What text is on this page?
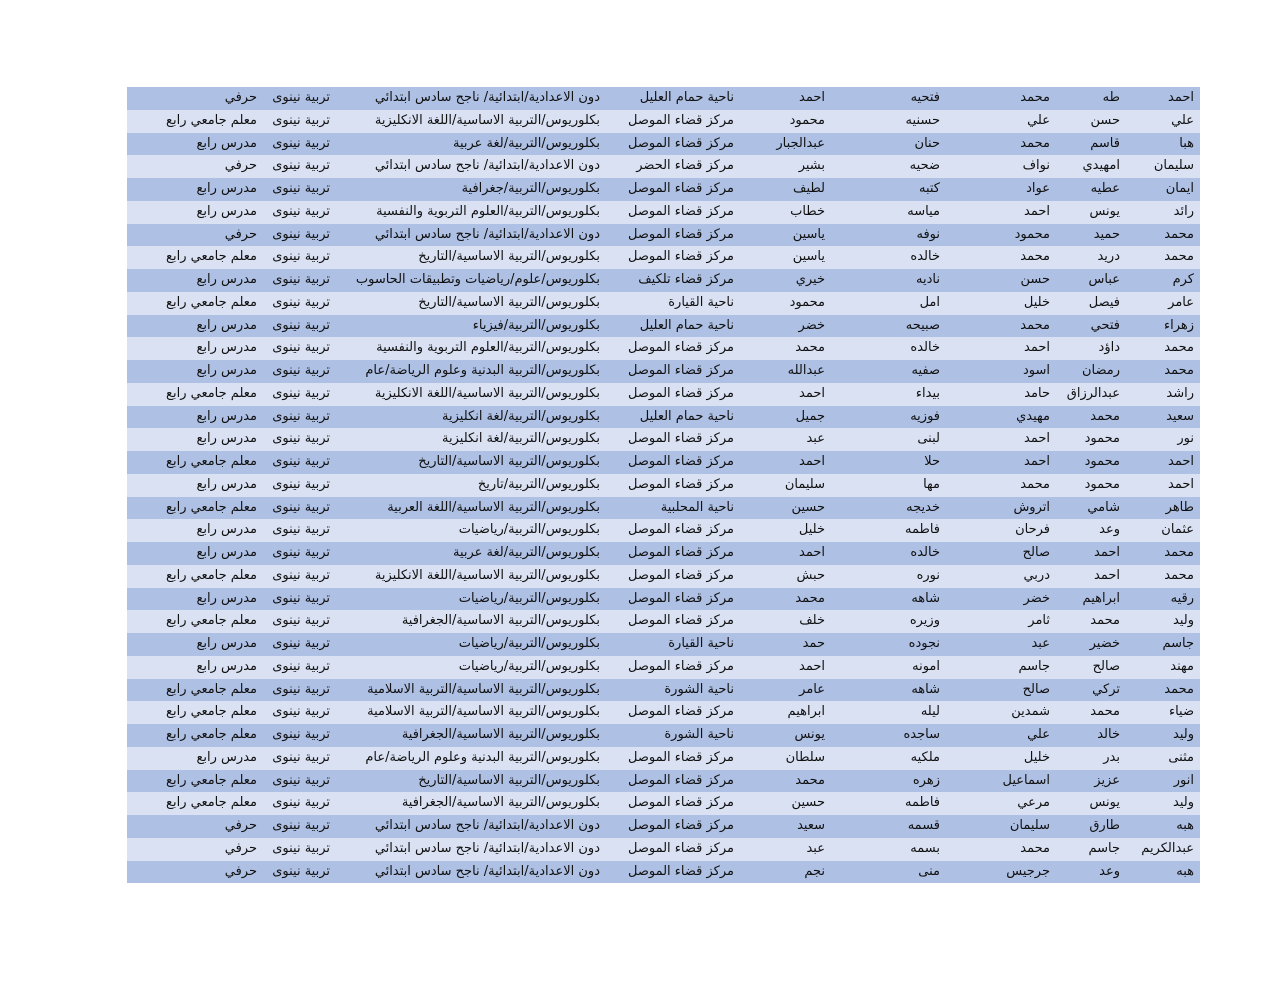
احمد
طه
محمد
فتحيه
احمد
ناحية حمام العليل
دون الاعدادية/ابتدائية/ ناجح سادس ابتدائي
تربية نينوى
حرفي
علي
حسن
علي
حسنيه
محمود
مركز قضاء الموصل
بكلوريوس/التربية الاساسية/اللغة الانكليزية
تربية نينوى
معلم جامعي رابع
هبا
قاسم
محمد
حنان
عبدالجبار
مركز قضاء الموصل
بكلوريوس/التربية/لغة عربية
تربية نينوى
مدرس رابع
سليمان
امهيدي
نواف
ضحيه
بشير
مركز قضاء الحضر
دون الاعدادية/ابتدائية/ ناجح سادس ابتدائي
تربية نينوى
حرفي
ايمان
عطيه
عواد
كتبه
لطيف
مركز قضاء الموصل
بكلوريوس/التربية/جغرافية
تربية نينوى
مدرس رابع
رائد
يونس
احمد
مياسه
خطاب
مركز قضاء الموصل
بكلوريوس/التربية/العلوم التربوية والنفسية
تربية نينوى
مدرس رابع
محمد
حميد
محمود
نوفه
ياسين
مركز قضاء الموصل
دون الاعدادية/ابتدائية/ ناجح سادس ابتدائي
تربية نينوى
حرفي
محمد
دريد
محمد
خالده
ياسين
مركز قضاء الموصل
بكلوريوس/التربية الاساسية/التاريخ
تربية نينوى
معلم جامعي رابع
كرم
عباس
حسن
ناديه
خيري
مركز قضاء تلكيف
بكلوريوس/علوم/رياضيات وتطبيقات الحاسوب
تربية نينوى
مدرس رابع
عامر
فيصل
خليل
امل
محمود
ناحية القيارة
بكلوريوس/التربية الاساسية/التاريخ
تربية نينوى
معلم جامعي رابع
زهراء
فتحي
محمد
صبيحه
خضر
ناحية حمام العليل
بكلوريوس/التربية/فيزياء
تربية نينوى
مدرس رابع
محمد
داؤد
احمد
خالده
محمد
مركز قضاء الموصل
بكلوريوس/التربية/العلوم التربوية والنفسية
تربية نينوى
مدرس رابع
محمد
رمضان
اسود
صفيه
عبدالله
مركز قضاء الموصل
بكلوريوس/التربية البدنية وعلوم الرياضة/عام
تربية نينوى
مدرس رابع
راشد
عبدالرزاق
حامد
بيداء
احمد
مركز قضاء الموصل
بكلوريوس/التربية الاساسية/اللغة الانكليزية
تربية نينوى
معلم جامعي رابع
سعيد
محمد
مهيدي
فوزيه
جميل
ناحية حمام العليل
بكلوريوس/التربية/لغة انكليزية
تربية نينوى
مدرس رابع
نور
محمود
احمد
لبنى
عبد
مركز قضاء الموصل
بكلوريوس/التربية/لغة انكليزية
تربية نينوى
مدرس رابع
احمد
محمود
احمد
حلا
احمد
مركز قضاء الموصل
بكلوريوس/التربية الاساسية/التاريخ
تربية نينوى
معلم جامعي رابع
احمد
محمود
محمد
مها
سليمان
مركز قضاء الموصل
بكلوريوس/التربية/تاريخ
تربية نينوى
مدرس رابع
طاهر
شامي
اتروش
خديجه
حسين
ناحية المحلبية
بكلوريوس/التربية الاساسية/اللغة العربية
تربية نينوى
معلم جامعي رابع
عثمان
وعد
فرحان
فاطمه
خليل
مركز قضاء الموصل
بكلوريوس/التربية/رياضيات
تربية نينوى
مدرس رابع
محمد
احمد
صالح
خالده
احمد
مركز قضاء الموصل
بكلوريوس/التربية/لغة عربية
تربية نينوى
مدرس رابع
محمد
احمد
دربي
نوره
حبش
مركز قضاء الموصل
بكلوريوس/التربية الاساسية/اللغة الانكليزية
تربية نينوى
معلم جامعي رابع
رقيه
ابراهيم
خضر
شاهه
محمد
مركز قضاء الموصل
بكلوريوس/التربية/رياضيات
تربية نينوى
مدرس رابع
وليد
محمد
ثامر
وزيره
خلف
مركز قضاء الموصل
بكلوريوس/التربية الاساسية/الجغرافية
تربية نينوى
معلم جامعي رابع
جاسم
خضير
عبد
نجوده
حمد
ناحية القيارة
بكلوريوس/التربية/رياضيات
تربية نينوى
مدرس رابع
مهند
صالح
جاسم
امونه
احمد
مركز قضاء الموصل
بكلوريوس/التربية/رياضيات
تربية نينوى
مدرس رابع
محمد
تركي
صالح
شاهه
عامر
ناحية الشورة
بكلوريوس/التربية الاساسية/التربية الاسلامية
تربية نينوى
معلم جامعي رابع
ضياء
محمد
شمدين
ليله
ابراهيم
مركز قضاء الموصل
بكلوريوس/التربية الاساسية/التربية الاسلامية
تربية نينوى
معلم جامعي رابع
وليد
خالد
علي
ساجده
يونس
ناحية الشورة
بكلوريوس/التربية الاساسية/الجغرافية
تربية نينوى
معلم جامعي رابع
مثنى
بدر
خليل
ملكيه
سلطان
مركز قضاء الموصل
بكلوريوس/التربية البدنية وعلوم الرياضة/عام
تربية نينوى
مدرس رابع
انور
عزيز
اسماعيل
زهره
محمد
مركز قضاء الموصل
بكلوريوس/التربية الاساسية/التاريخ
تربية نينوى
معلم جامعي رابع
وليد
يونس
مرعي
فاطمه
حسين
مركز قضاء الموصل
بكلوريوس/التربية الاساسية/الجغرافية
تربية نينوى
معلم جامعي رابع
هبه
طارق
سليمان
قسمه
سعيد
مركز قضاء الموصل
دون الاعدادية/ابتدائية/ ناجح سادس ابتدائي
تربية نينوى
حرفي
عبدالكريم
جاسم
محمد
بسمه
عبد
مركز قضاء الموصل
دون الاعدادية/ابتدائية/ ناجح سادس ابتدائي
تربية نينوى
حرفي
هبه
وعد
جرجيس
منى
نجم
مركز قضاء الموصل
دون الاعدادية/ابتدائية/ ناجح سادس ابتدائي
تربية نينوى
حرفي
